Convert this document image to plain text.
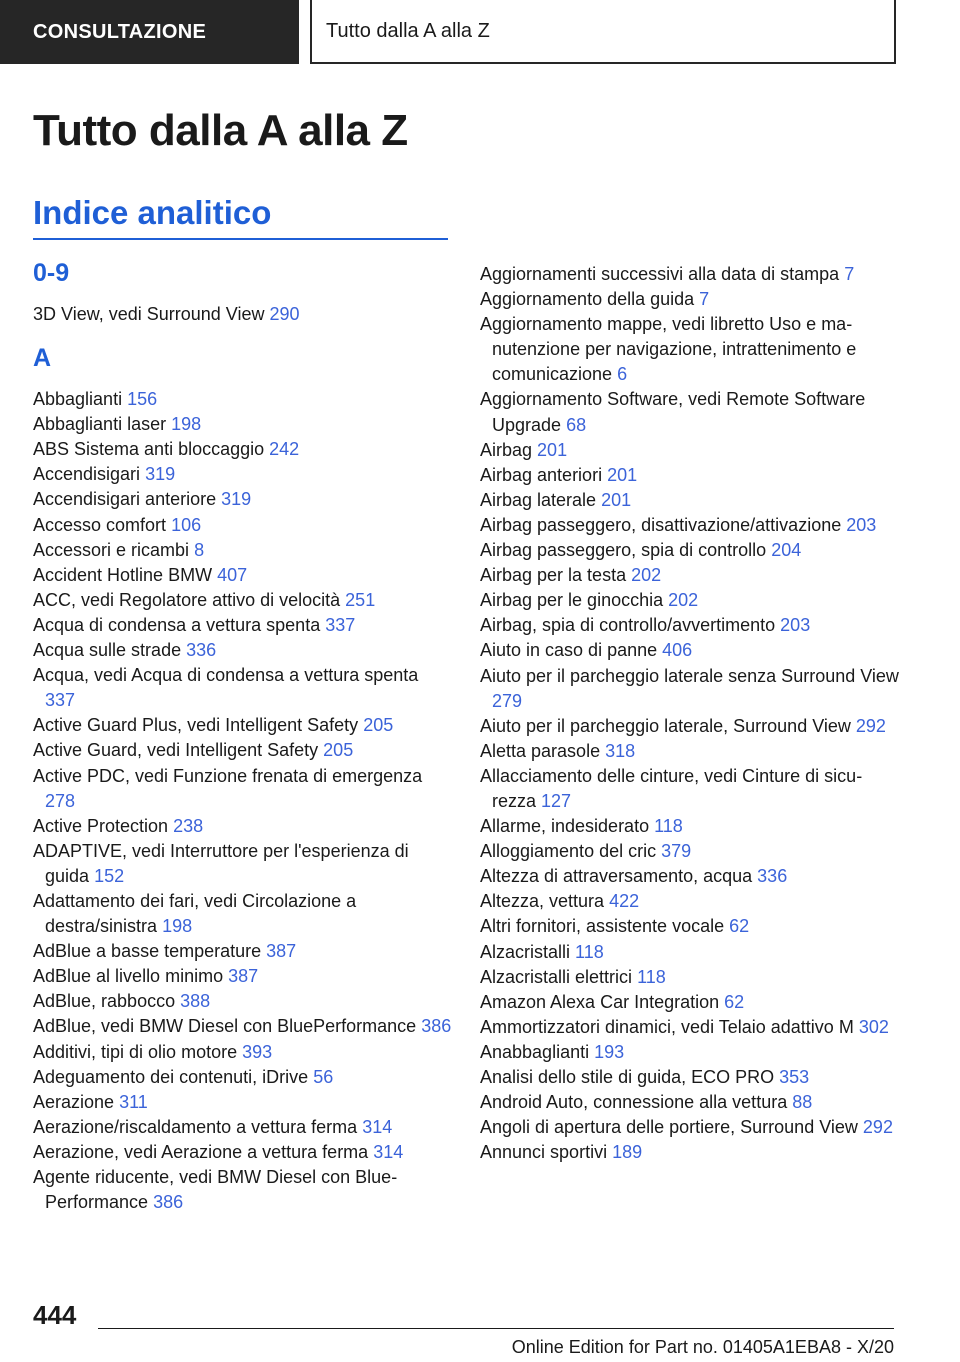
CONSULTAZIONE	Tutto dalla A alla Z
Tutto dalla A alla Z
Indice analitico
0-9
3D View, vedi Surround View 290
A
Abbaglianti 156
Abbaglianti laser 198
ABS Sistema anti bloccaggio 242
Accendisigari 319
Accendisigari anteriore 319
Accesso comfort 106
Accessori e ricambi 8
Accident Hotline BMW 407
ACC, vedi Regolatore attivo di velocità 251
Acqua di condensa a vettura spenta 337
Acqua sulle strade 336
Acqua, vedi Acqua di condensa a vettura spenta 337
Active Guard Plus, vedi Intelligent Safety 205
Active Guard, vedi Intelligent Safety 205
Active PDC, vedi Funzione frenata di emergenza 278
Active Protection 238
ADAPTIVE, vedi Interruttore per l'esperienza di guida 152
Adattamento dei fari, vedi Circolazione a destra/sinistra 198
AdBlue a basse temperature 387
AdBlue al livello minimo 387
AdBlue, rabbocco 388
AdBlue, vedi BMW Diesel con BluePerformance 386
Additivi, tipi di olio motore 393
Adeguamento dei contenuti, iDrive 56
Aerazione 311
Aerazione/riscaldamento a vettura ferma 314
Aerazione, vedi Aerazione a vettura ferma 314
Agente riducente, vedi BMW Diesel con BluePerformance 386
Aggiornamenti successivi alla data di stampa 7
Aggiornamento della guida 7
Aggiornamento mappe, vedi libretto Uso e manutenzione per navigazione, intrattenimento e comunicazione 6
Aggiornamento Software, vedi Remote Software Upgrade 68
Airbag 201
Airbag anteriori 201
Airbag laterale 201
Airbag passeggero, disattivazione/attivazione 203
Airbag passeggero, spia di controllo 204
Airbag per la testa 202
Airbag per le ginocchia 202
Airbag, spia di controllo/avvertimento 203
Aiuto in caso di panne 406
Aiuto per il parcheggio laterale senza Surround View 279
Aiuto per il parcheggio laterale, Surround View 292
Aletta parasole 318
Allacciamento delle cinture, vedi Cinture di sicurezza 127
Allarme, indesiderato 118
Alloggiamento del cric 379
Altezza di attraversamento, acqua 336
Altezza, vettura 422
Altri fornitori, assistente vocale 62
Alzacristalli 118
Alzacristalli elettrici 118
Amazon Alexa Car Integration 62
Ammortizzatori dinamici, vedi Telaio adattivo M 302
Anabbaglianti 193
Analisi dello stile di guida, ECO PRO 353
Android Auto, connessione alla vettura 88
Angoli di apertura delle portiere, Surround View 292
Annunci sportivi 189
444
Online Edition for Part no. 01405A1EBA8 - X/20
